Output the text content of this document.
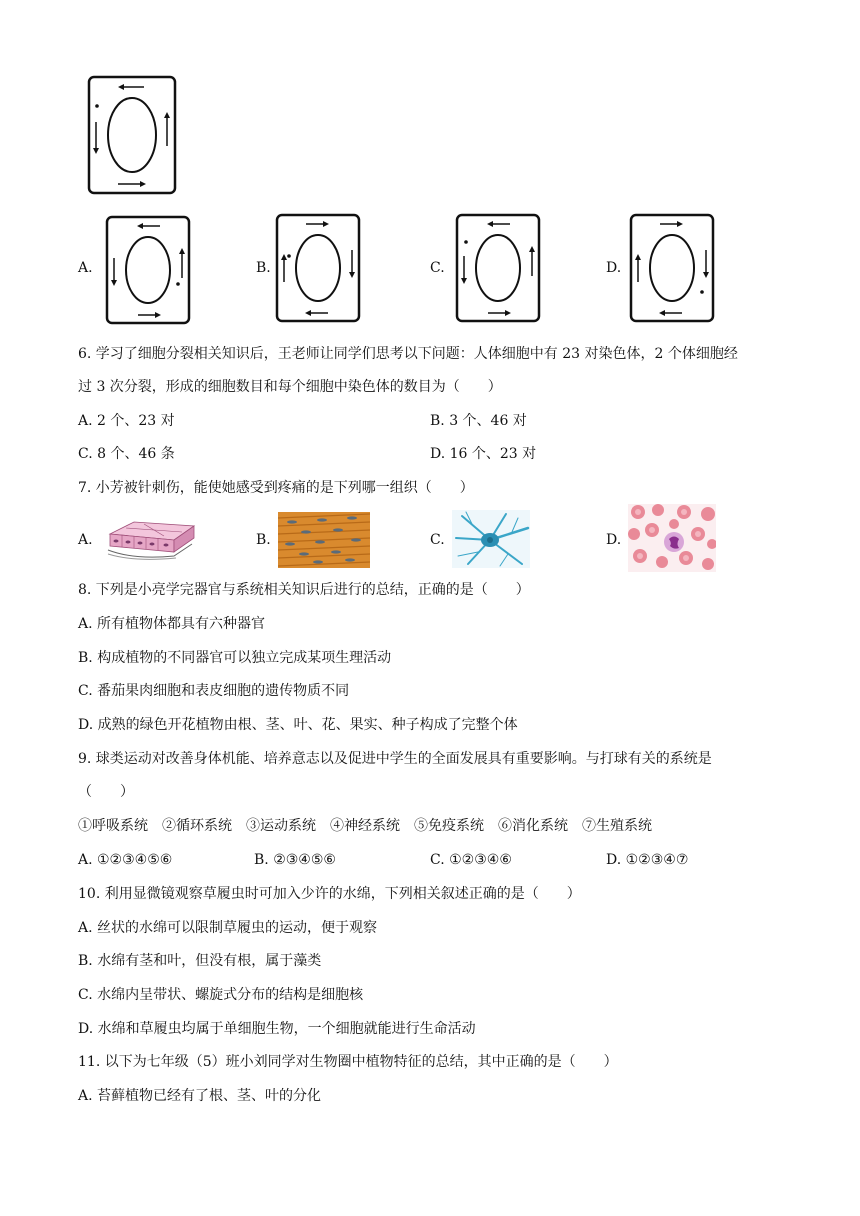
A.	B.	C.	D.
6. 学习了细胞分裂相关知识后，王老师让同学们思考以下问题：人体细胞中有 23 对染色体，2 个体细胞经
过 3 次分裂，形成的细胞数目和每个细胞中染色体的数目为（　　）
A. 2 个、23 对	B. 3 个、46 对
C. 8 个、46 条	D. 16 个、23 对
7. 小芳被针刺伤，能使她感受到疼痛的是下列哪一组织（　　）
A.	B.	C.	D.
8. 下列是小亮学完器官与系统相关知识后进行的总结，正确的是（　　）
A. 所有植物体都具有六种器官
B. 构成植物的不同器官可以独立完成某项生理活动
C. 番茄果肉细胞和表皮细胞的遗传物质不同
D. 成熟的绿色开花植物由根、茎、叶、花、果实、种子构成了完整个体
9. 球类运动对改善身体机能、培养意志以及促进中学生的全面发展具有重要影响。与打球有关的系统是
（　　）
①呼吸系统　②循环系统　③运动系统　④神经系统　⑤免疫系统　⑥消化系统　⑦生殖系统
A. ①②③④⑤⑥	B. ②③④⑤⑥	C. ①②③④⑥	D. ①②③④⑦
10. 利用显微镜观察草履虫时可加入少许的水绵，下列相关叙述正确的是（　　）
A. 丝状的水绵可以限制草履虫的运动，便于观察
B. 水绵有茎和叶，但没有根，属于藻类
C. 水绵内呈带状、螺旋式分布的结构是细胞核
D. 水绵和草履虫均属于单细胞生物，一个细胞就能进行生命活动
11. 以下为七年级（5）班小刘同学对生物圈中植物特征的总结，其中正确的是（　　）
A. 苔藓植物已经有了根、茎、叶的分化
